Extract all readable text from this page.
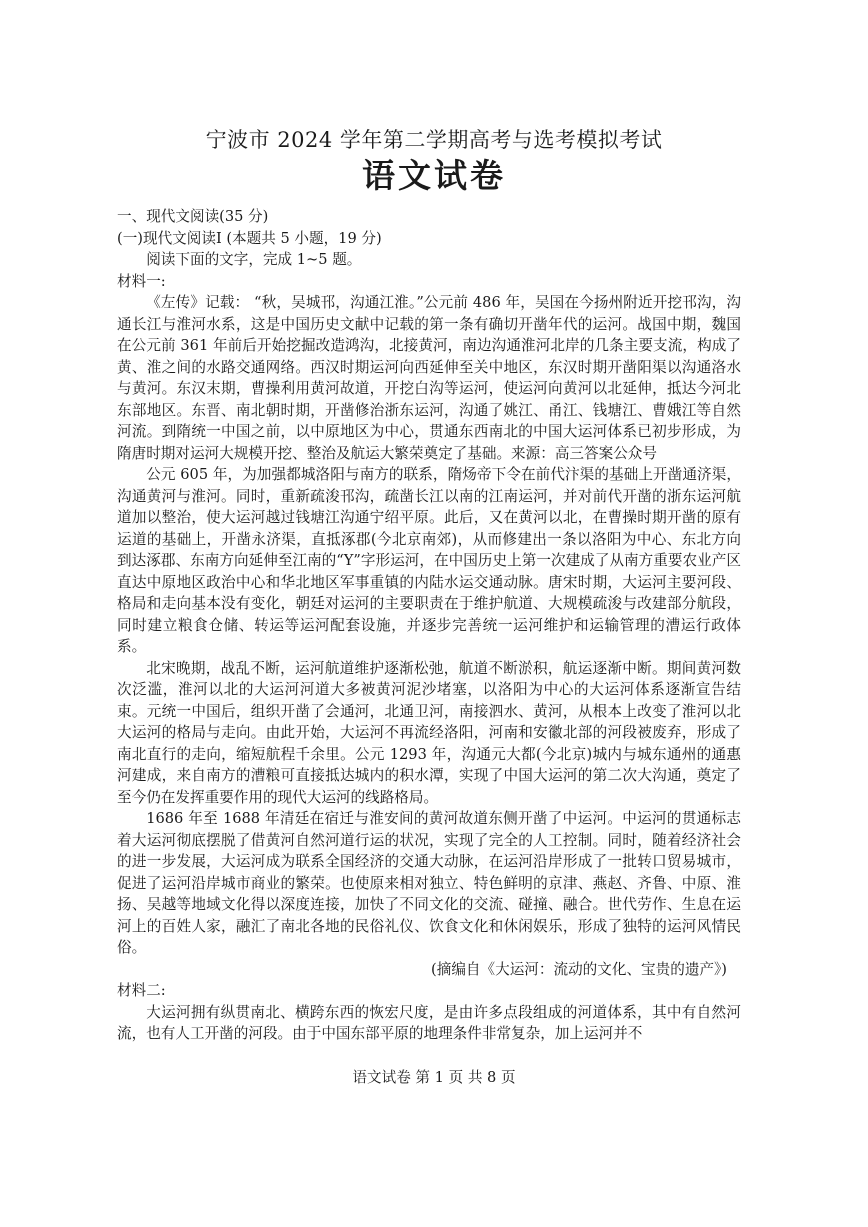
宁波市 2024 学年第二学期高考与选考模拟考试
语文试卷

一、现代文阅读(35 分)

(一)现代文阅读Ⅰ (本题共 5 小题，19 分)

阅读下面的文字，完成 1~5 题。

材料一:

《左传》记载： “秋，吴城邗，沟通江淮。”公元前 486 年，吴国在今扬州附近开挖邗沟，沟通长江与淮河水系，这是中国历史文献中记载的第一条有确切开凿年代的运河。战国中期，魏国在公元前 361 年前后开始挖掘改造鸿沟，北接黄河，南边沟通淮河北岸的几条主要支流，构成了黄、淮之间的水路交通网络。西汉时期运河向西延伸至关中地区，东汉时期开凿阳渠以沟通洛水与黄河。东汉末期，曹操利用黄河故道，开挖白沟等运河，使运河向黄河以北延伸，抵达今河北东部地区。东晋、南北朝时期，开凿修治浙东运河，沟通了姚江、甬江、钱塘江、曹娥江等自然河流。到隋统一中国之前，以中原地区为中心，贯通东西南北的中国大运河体系已初步形成，为隋唐时期对运河大规模开挖、整治及航运大繁荣奠定了基础。来源：高三答案公众号

公元 605 年，为加强都城洛阳与南方的联系，隋炀帝下令在前代汴渠的基础上开凿通济渠，沟通黄河与淮河。同时，重新疏浚邗沟，疏凿长江以南的江南运河，并对前代开凿的浙东运河航道加以整治，使大运河越过钱塘江沟通宁绍平原。此后，又在黄河以北，在曹操时期开凿的原有运道的基础上，开凿永济渠，直抵涿郡(今北京南郊)，从而修建出一条以洛阳为中心、东北方向到达涿郡、东南方向延伸至江南的“Y”字形运河，在中国历史上第一次建成了从南方重要农业产区直达中原地区政治中心和华北地区军事重镇的内陆水运交通动脉。唐宋时期，大运河主要河段、格局和走向基本没有变化，朝廷对运河的主要职责在于维护航道、大规模疏浚与改建部分航段，同时建立粮食仓储、转运等运河配套设施，并逐步完善统一运河维护和运输管理的漕运行政体系。

北宋晚期，战乱不断，运河航道维护逐渐松弛，航道不断淤积，航运逐渐中断。期间黄河数次泛滥，淮河以北的大运河河道大多被黄河泥沙堵塞，以洛阳为中心的大运河体系逐渐宣告结束。元统一中国后，组织开凿了会通河，北通卫河，南接泗水、黄河，从根本上改变了淮河以北大运河的格局与走向。由此开始，大运河不再流经洛阳，河南和安徽北部的河段被废弃，形成了南北直行的走向，缩短航程千余里。公元 1293 年，沟通元大都(今北京)城内与城东通州的通惠河建成，来自南方的漕粮可直接抵达城内的积水潭，实现了中国大运河的第二次大沟通，奠定了至今仍在发挥重要作用的现代大运河的线路格局。

1686 年至 1688 年清廷在宿迁与淮安间的黄河故道东侧开凿了中运河。中运河的贯通标志着大运河彻底摆脱了借黄河自然河道行运的状况，实现了完全的人工控制。同时，随着经济社会的进一步发展，大运河成为联系全国经济的交通大动脉，在运河沿岸形成了一批转口贸易城市，促进了运河沿岸城市商业的繁荣。也使原来相对独立、特色鲜明的京津、燕赵、齐鲁、中原、淮扬、吴越等地域文化得以深度连接，加快了不同文化的交流、碰撞、融合。世代劳作、生息在运河上的百姓人家，融汇了南北各地的民俗礼仪、饮食文化和休闲娱乐，形成了独特的运河风情民俗。

(摘编自《大运河：流动的文化、宝贵的遗产》)

材料二:

大运河拥有纵贯南北、横跨东西的恢宏尺度，是由许多点段组成的河道体系，其中有自然河流，也有人工开凿的河段。由于中国东部平原的地理条件非常复杂，加上运河并不

语文试卷 第 1 页 共 8 页
